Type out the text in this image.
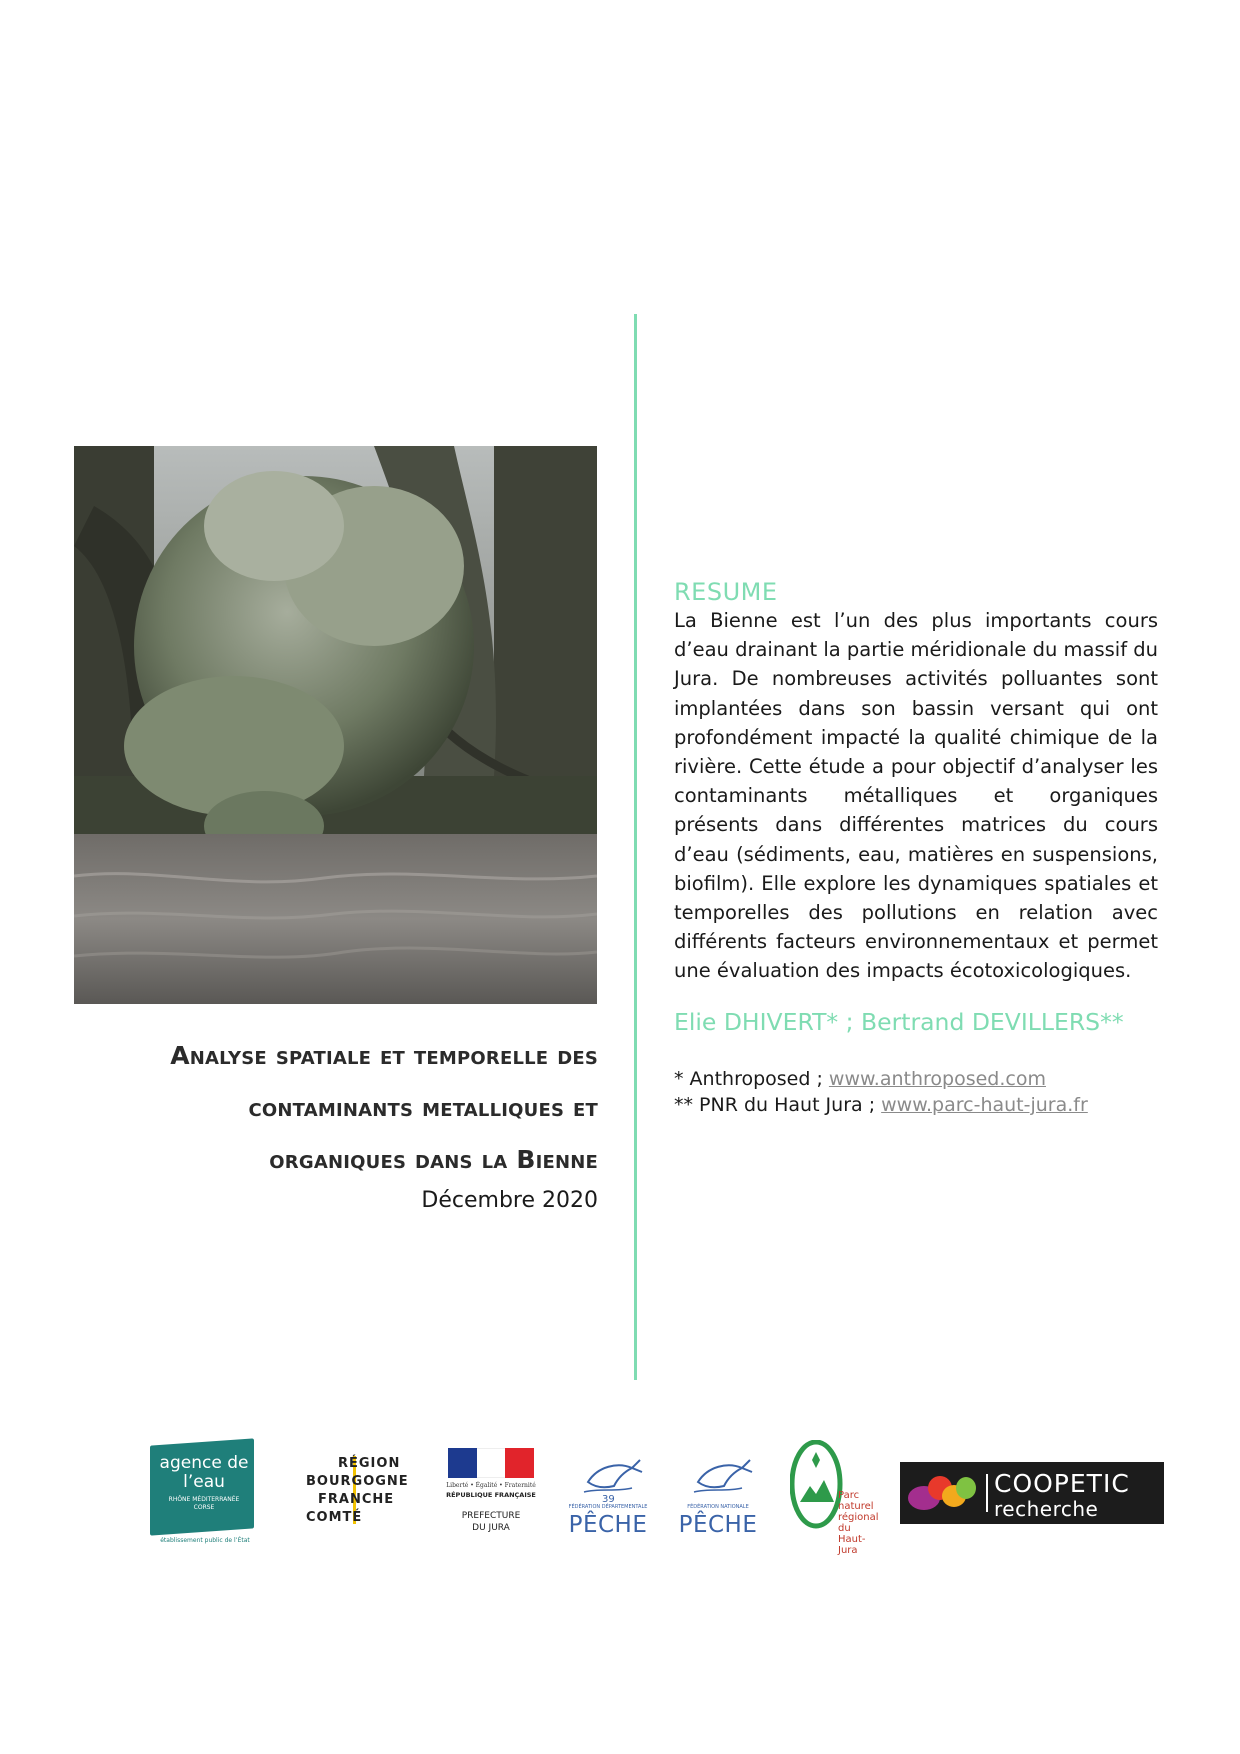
Analyse spatiale et temporelle des
contaminants metalliques et
organiques dans la Bienne
Décembre 2020
RESUME
La Bienne est l’un des plus importants cours d’eau drainant la partie méridionale du massif du Jura. De nombreuses activités polluantes sont implantées dans son bassin versant qui ont profondément impacté la qualité chimique de la rivière. Cette étude a pour objectif d’analyser les contaminants métalliques et organiques présents dans différentes matrices du cours d’eau (sédiments, eau, matières en suspensions, biofilm). Elle explore les dynamiques spatiales et temporelles des pollutions en relation avec différents facteurs environnementaux et permet une évaluation des impacts écotoxicologiques.
Elie DHIVERT* ; Bertrand DEVILLERS**
* Anthroposed ; www.anthroposed.com
** PNR du Haut Jura ; www.parc-haut-jura.fr
agence de l’eau
RHÔNE MÉDITERRANÉE CORSE
établissement public de l’État
RÉGION
BOURGOGNE
FRANCHE
COMTÉ
Liberté • Égalité • Fraternité
RÉPUBLIQUE FRANÇAISE
PREFECTURE
DU JURA
39
FÉDÉRATION DÉPARTEMENTALE
PÊCHE
FÉDÉRATION NATIONALE
PÊCHE
Parc
naturel
régional
du Haut-Jura
COOPETIC
recherche
